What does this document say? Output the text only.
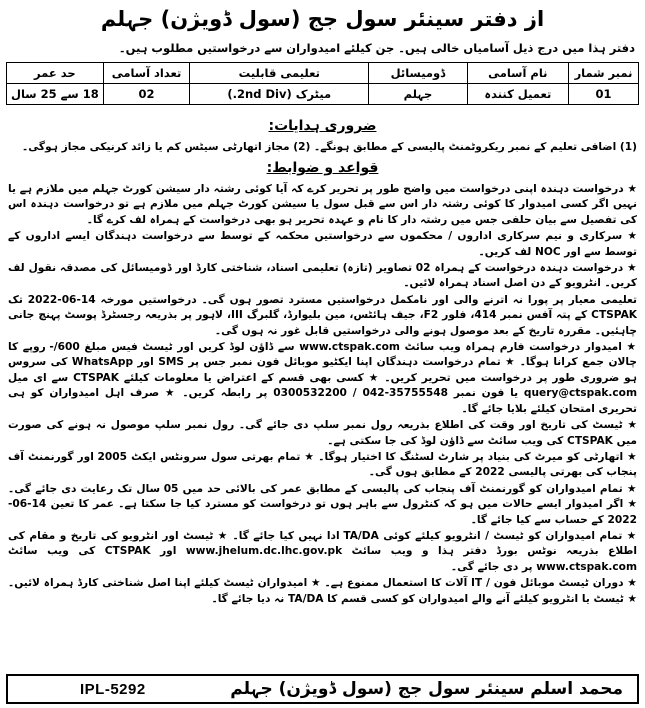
از دفتر سینئر سول جج (سول ڈویژن) جہلم
دفتر ہذا میں درج ذیل آسامیاں خالی ہیں۔ جن کیلئے امیدواران سے درخواستیں مطلوب ہیں۔
نمبر شمار	نام آسامی	ڈومیسائل	تعلیمی قابلیت	تعداد آسامی	حد عمر
01	تعمیل کنندہ	جہلم	میٹرک (2nd Div.)	02	18 سے 25 سال
ضروری ہدایات:

(1) اضافی تعلیم کے نمبر ریکروٹمنٹ پالیسی کے مطابق ہونگے۔ (2) مجاز اتھارٹی سیٹس کم یا زائد کرنیکی مجاز ہوگی۔

قواعد و ضوابط:

★ درخواست دہندہ اپنی درخواست میں واضح طور پر تحریر کرے کہ آیا کوئی رشتہ دار سیشن کورٹ جہلم میں ملازم ہے یا نہیں اگر کسی امیدوار کا کوئی رشتہ دار اس سے قبل سول یا سیشن کورٹ جہلم میں ملازم ہے تو درخواست دہندہ اس کی تفصیل سے بیان حلفی جس میں رشتہ دار کا نام و عہدہ تحریر ہو بھی درخواست کے ہمراہ لف کرے گا۔

★ سرکاری و نیم سرکاری اداروں / محکموں سے درخواستیں محکمہ کے توسط سے درخواست دہندگان ایسے اداروں کے توسط سے اور NOC لف کریں۔

★ درخواست دہندہ درخواست کے ہمراہ 02 تصاویر (تازہ) تعلیمی اسناد، شناختی کارڈ اور ڈومیسائل کی مصدقہ نقول لف کریں۔ انٹرویو کے دن اصل اسناد ہمراہ لائیں۔

تعلیمی معیار پر پورا نہ اترنے والی اور نامکمل درخواستیں مسترد تصور ہوں گی۔ درخواستیں مورخہ 14-06-2022 تک CTSPAK کے پتہ آفس نمبر 414، فلور F2، جیف ہائٹس، مین بلیوارڈ، گلبرگ III، لاہور پر بذریعہ رجسٹرڈ پوسٹ پہنچ جانی چاہئیں۔ مقررہ تاریخ کے بعد موصول ہونے والی درخواستیں قابل غور نہ ہوں گی۔

★ امیدوار درخواست فارم ہمراہ ویب سائٹ www.ctspak.com سے ڈاؤن لوڈ کریں اور ٹیسٹ فیس مبلغ 600/- روپے کا چالان جمع کرانا ہوگا۔ ★ تمام درخواست دہندگان اپنا ایکٹیو موبائل فون نمبر جس پر SMS اور WhatsApp کی سروس ہو ضروری طور پر درخواست میں تحریر کریں۔ ★ کسی بھی قسم کے اعتراض یا معلومات کیلئے CTSPAK سے ای میل query@ctspak.com یا فون نمبر 35755548-042 / 0300532200 پر رابطہ کریں۔ ★ صرف اہل امیدواران کو ہی تحریری امتحان کیلئے بلایا جائے گا۔

★ ٹیسٹ کی تاریخ اور وقت کی اطلاع بذریعہ رول نمبر سلپ دی جائے گی۔ رول نمبر سلپ موصول نہ ہونے کی صورت میں CTSPAK کی ویب سائٹ سے ڈاؤن لوڈ کی جا سکتی ہے۔

★ اتھارٹی کو میرٹ کی بنیاد پر شارٹ لسٹنگ کا اختیار ہوگا۔ ★ تمام بھرتی سول سرونٹس ایکٹ 2005 اور گورنمنٹ آف پنجاب کی بھرتی پالیسی 2022 کے مطابق ہوں گی۔

★ تمام امیدواران کو گورنمنٹ آف پنجاب کی پالیسی کے مطابق عمر کی بالائی حد میں 05 سال تک رعایت دی جائے گی۔ ★ اگر امیدوار ایسے حالات میں ہو کہ کنٹرول سے باہر ہوں تو درخواست کو مسترد کیا جا سکتا ہے۔ عمر کا تعین 14-06-2022 کے حساب سے کیا جائے گا۔

★ تمام امیدواران کو ٹیسٹ / انٹرویو کیلئے کوئی TA/DA ادا نہیں کیا جائے گا۔ ★ ٹیسٹ اور انٹرویو کی تاریخ و مقام کی اطلاع بذریعہ نوٹس بورڈ دفتر ہذا و ویب سائٹ www.jhelum.dc.lhc.gov.pk اور CTSPAK کی ویب سائٹ www.ctspak.com پر دی جائے گی۔

★ دوران ٹیسٹ موبائل فون / IT آلات کا استعمال ممنوع ہے۔ ★ امیدواران ٹیسٹ کیلئے اپنا اصل شناختی کارڈ ہمراہ لائیں۔ ★ ٹیسٹ یا انٹرویو کیلئے آنے والے امیدواران کو کسی قسم کا TA/DA نہ دیا جائے گا۔

محمد اسلم سینئر سول جج (سول ڈویژن) جہلم
IPL-5292
